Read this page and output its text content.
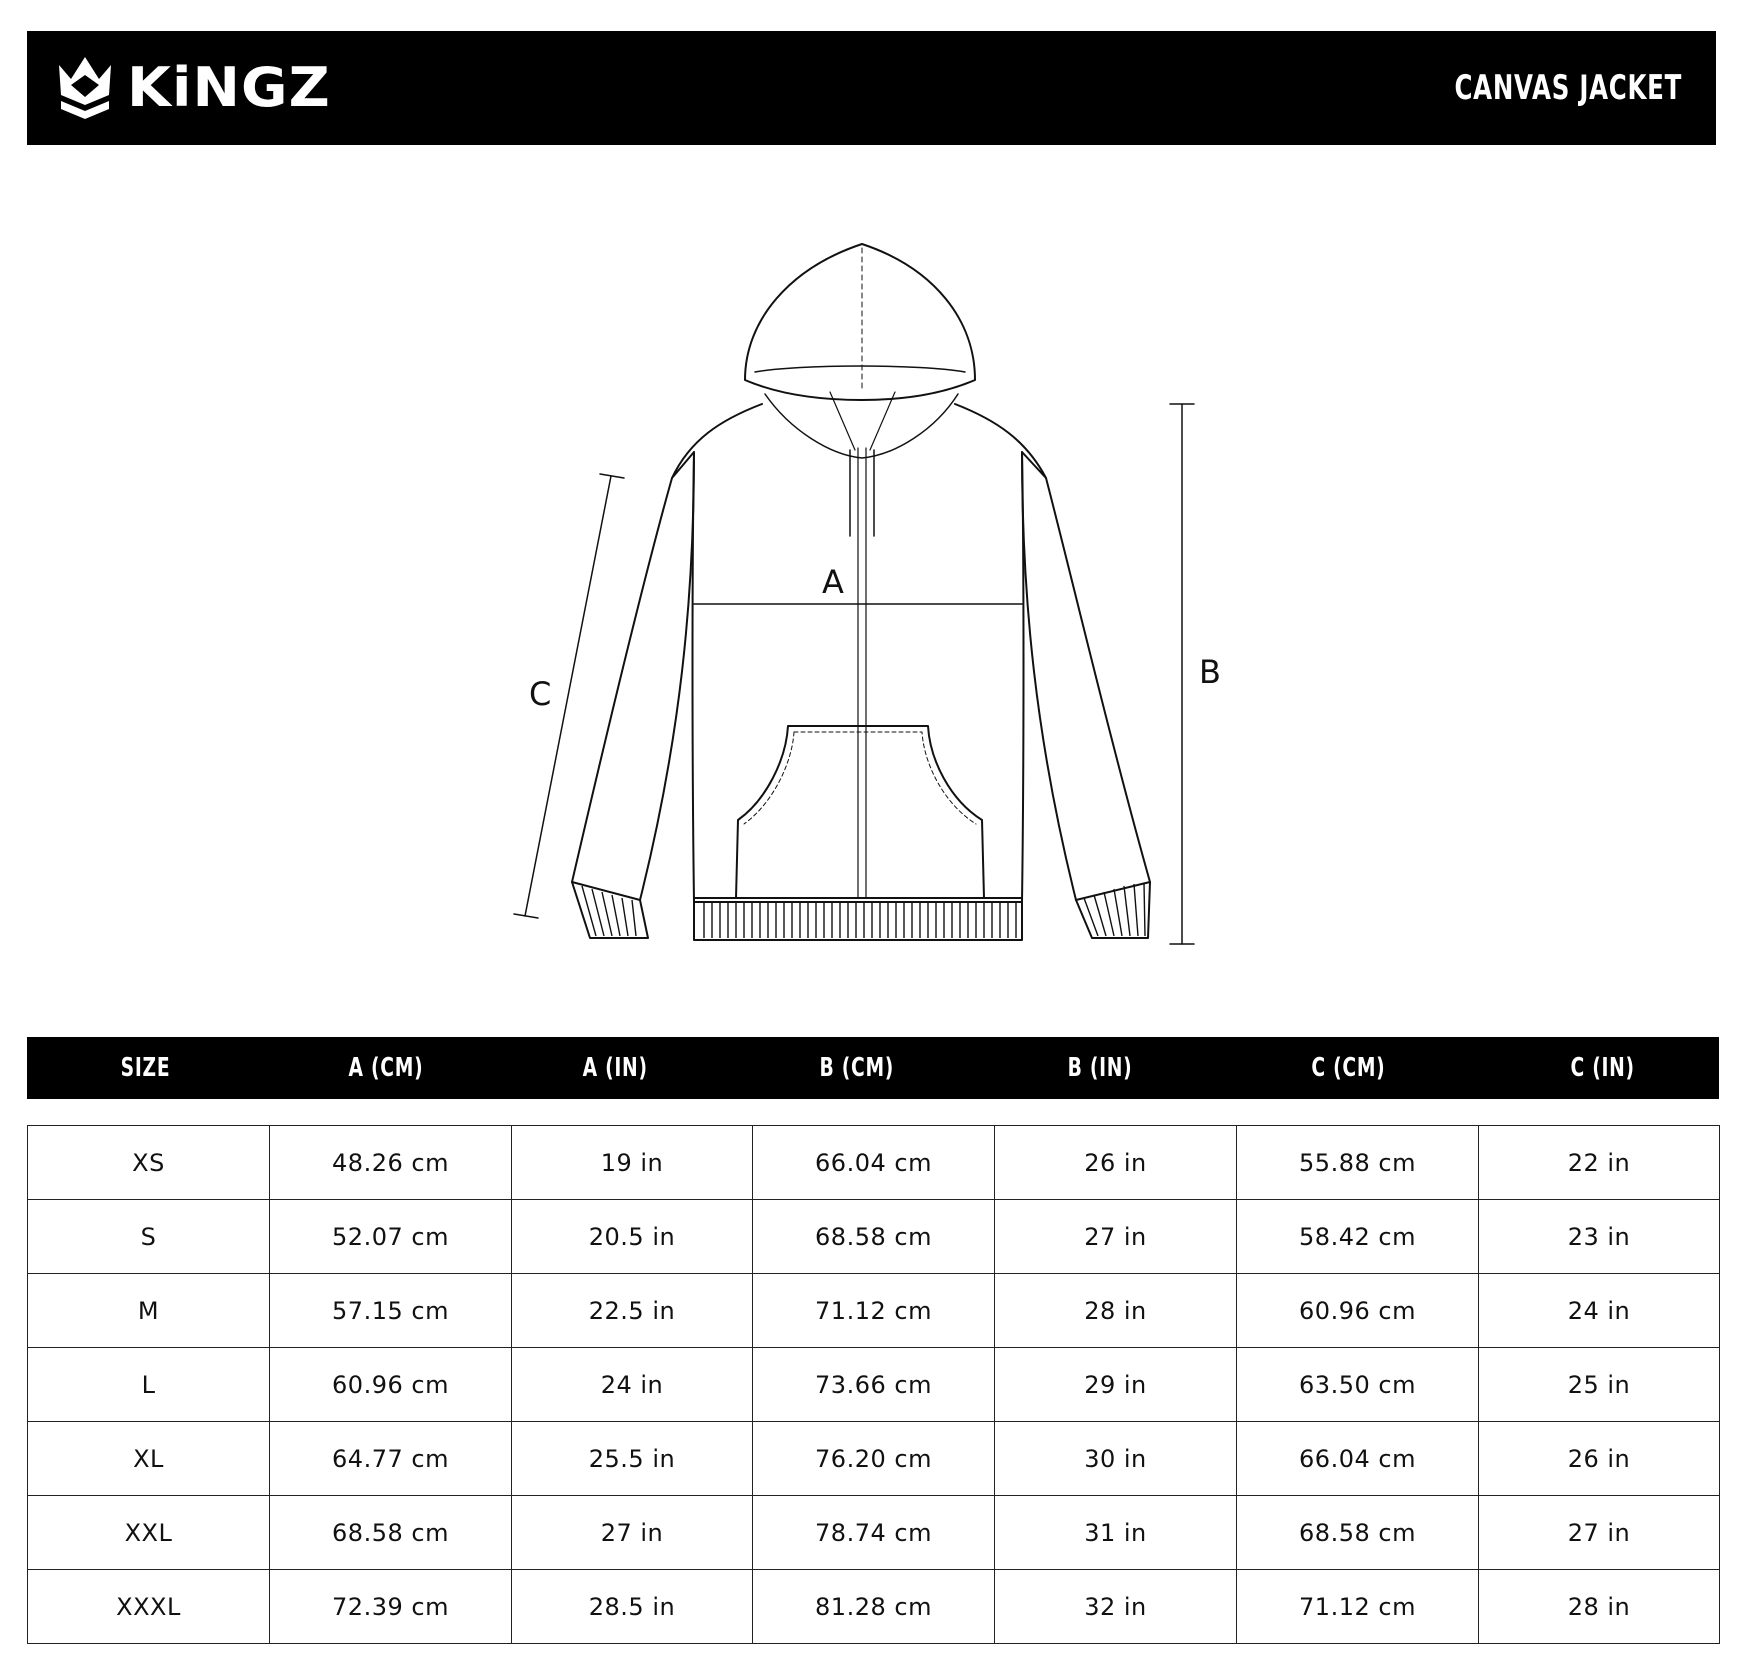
KiNGZ	CANVAS JACKET
A
B
C
SIZE	A (CM)	A (IN)	B (CM)	B (IN)	C (CM)	C (IN)
XS	48.26 cm	19 in	66.04 cm	26 in	55.88 cm	22 in
S	52.07 cm	20.5 in	68.58 cm	27 in	58.42 cm	23 in
M	57.15 cm	22.5 in	71.12 cm	28 in	60.96 cm	24 in
L	60.96 cm	24 in	73.66 cm	29 in	63.50 cm	25 in
XL	64.77 cm	25.5 in	76.20 cm	30 in	66.04 cm	26 in
XXL	68.58 cm	27 in	78.74 cm	31 in	68.58 cm	27 in
XXXL	72.39 cm	28.5 in	81.28 cm	32 in	71.12 cm	28 in
